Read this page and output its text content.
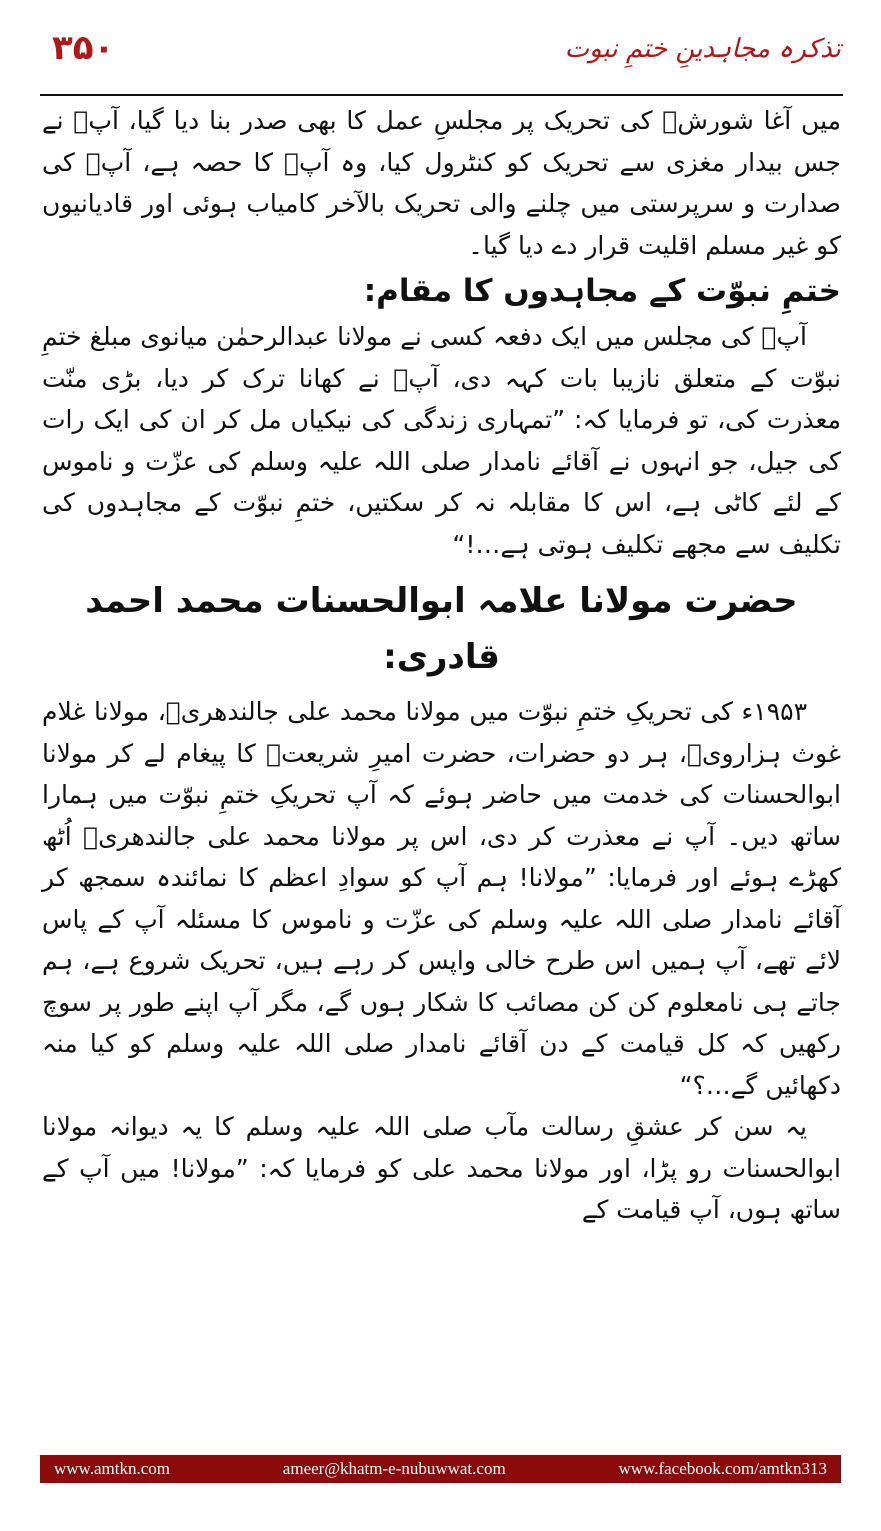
۳۵۰	تذکرہ مجاہدینِ ختمِ نبوت

میں آغا شورشؒ کی تحریک پر مجلسِ عمل کا بھی صدر بنا دیا گیا، آپؒ نے جس بیدار مغزی سے تحریک کو کنٹرول کیا، وہ آپؒ کا حصہ ہے، آپؒ کی صدارت و سرپرستی میں چلنے والی تحریک بالآخر کامیاب ہوئی اور قادیانیوں کو غیر مسلم اقلیت قرار دے دیا گیا۔

ختمِ نبوّت کے مجاہدوں کا مقام:

آپؒ کی مجلس میں ایک دفعہ کسی نے مولانا عبدالرحمٰن میانوی مبلغ ختمِ نبوّت کے متعلق نازیبا بات کہہ دی، آپؒ نے کھانا ترک کر دیا، بڑی منّت معذرت کی، تو فرمایا کہ: ”تمہاری زندگی کی نیکیاں مل کر ان کی ایک رات کی جیل، جو انہوں نے آقائے نامدار صلی اللہ علیہ وسلم کی عزّت و ناموس کے لئے کاٹی ہے، اس کا مقابلہ نہ کر سکتیں، ختمِ نبوّت کے مجاہدوں کی تکلیف سے مجھے تکلیف ہوتی ہے…!“

حضرت مولانا علامہ ابوالحسنات محمد احمد قادری:

۱۹۵۳ء کی تحریکِ ختمِ نبوّت میں مولانا محمد علی جالندھریؒ، مولانا غلام غوث ہزارویؒ، ہر دو حضرات، حضرت امیرِ شریعتؒ کا پیغام لے کر مولانا ابوالحسنات کی خدمت میں حاضر ہوئے کہ آپ تحریکِ ختمِ نبوّت میں ہمارا ساتھ دیں۔ آپ نے معذرت کر دی، اس پر مولانا محمد علی جالندھریؒ اُٹھ کھڑے ہوئے اور فرمایا: ”مولانا! ہم آپ کو سوادِ اعظم کا نمائندہ سمجھ کر آقائے نامدار صلی اللہ علیہ وسلم کی عزّت و ناموس کا مسئلہ آپ کے پاس لائے تھے، آپ ہمیں اس طرح خالی واپس کر رہے ہیں، تحریک شروع ہے، ہم جاتے ہی نامعلوم کن کن مصائب کا شکار ہوں گے، مگر آپ اپنے طور پر سوچ رکھیں کہ کل قیامت کے دن آقائے نامدار صلی اللہ علیہ وسلم کو کیا منہ دکھائیں گے…؟“

یہ سن کر عشقِ رسالت مآب صلی اللہ علیہ وسلم کا یہ دیوانہ مولانا ابوالحسنات رو پڑا، اور مولانا محمد علی کو فرمایا کہ: ”مولانا! میں آپ کے ساتھ ہوں، آپ قیامت کے

www.amtkn.com	ameer@khatm-e-nubuwwat.com	www.facebook.com/amtkn313
